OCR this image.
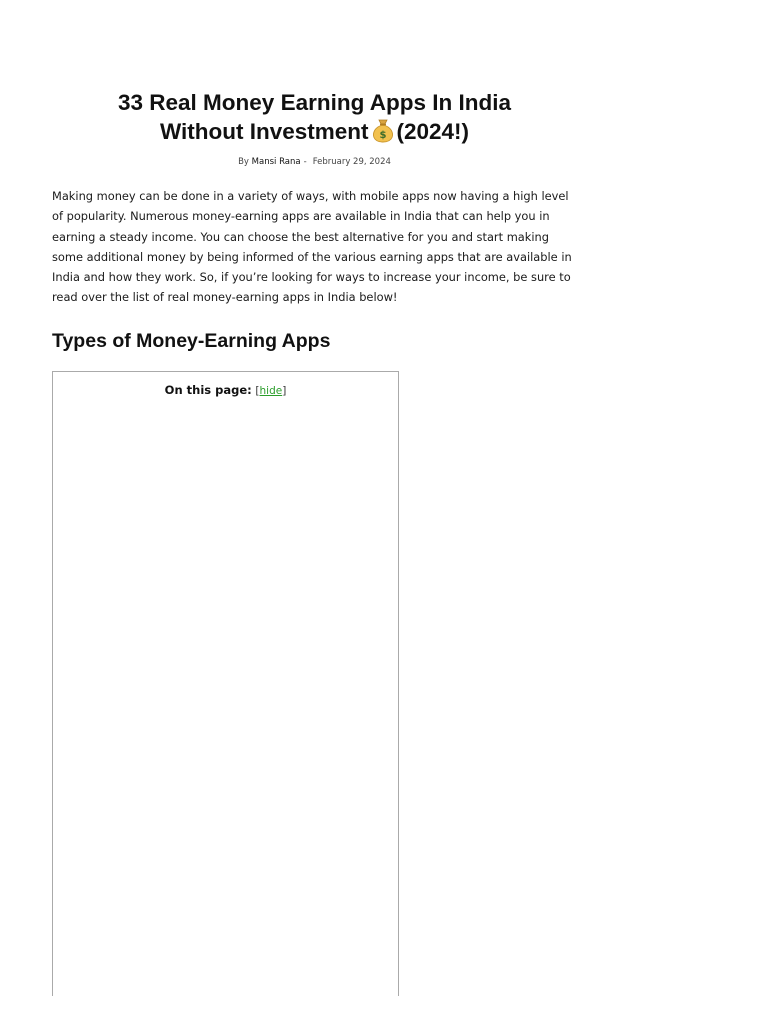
33 Real Money Earning Apps In India
Without Investment $ (2024!)
By Mansi Rana - February 29, 2024

Making money can be done in a variety of ways, with mobile apps now having a high level of popularity. Numerous money-earning apps are available in India that can help you in earning a steady income. You can choose the best alternative for you and start making some additional money by being informed of the various earning apps that are available in India and how they work. So, if you’re looking for ways to increase your income, be sure to read over the list of real money-earning apps in India below!

Types of Money-Earning Apps
On this page: [hide]
